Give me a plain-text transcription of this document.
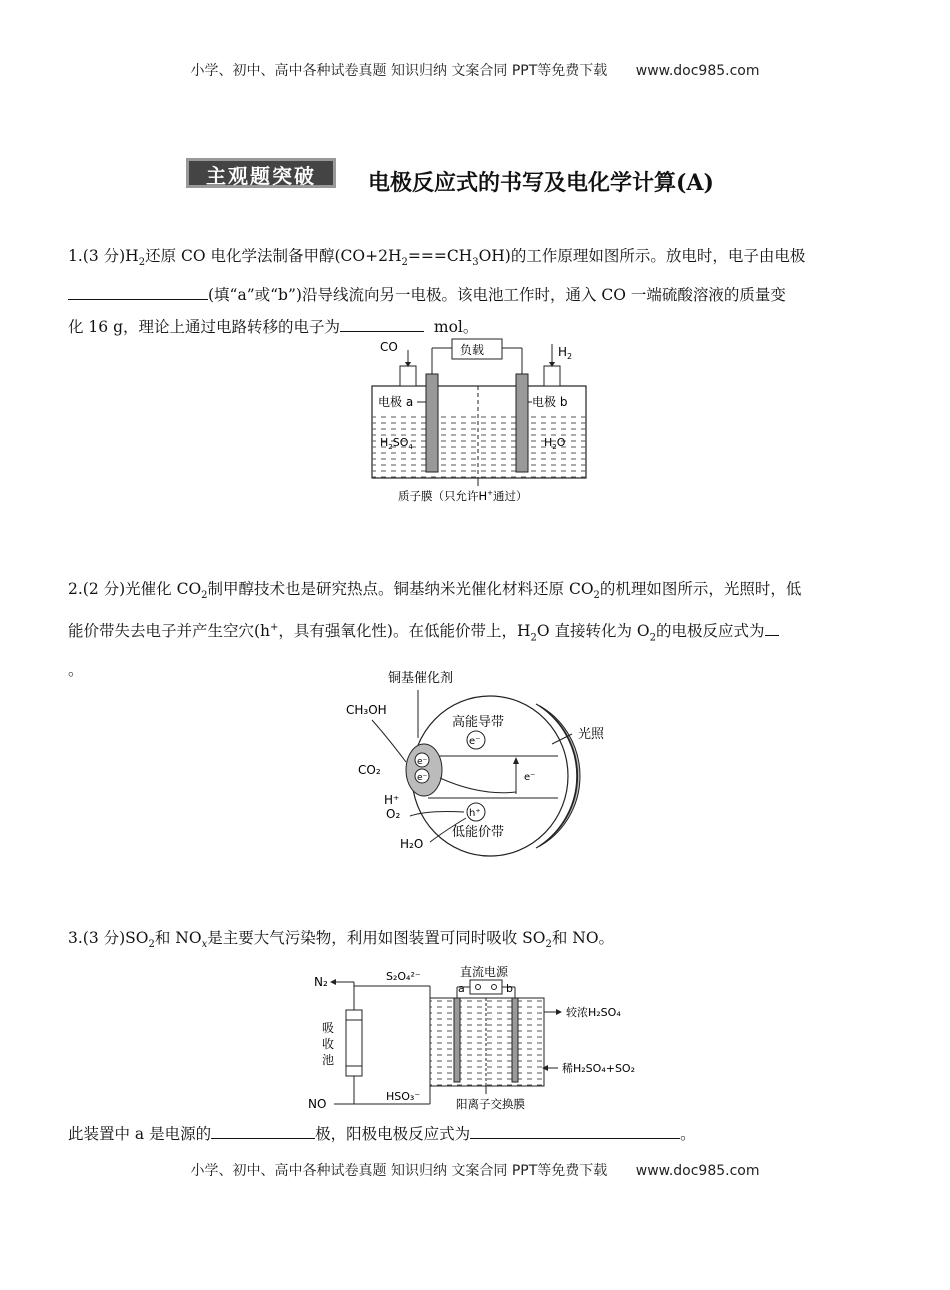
小学、初中、高中各种试卷真题 知识归纳 文案合同 PPT等免费下载 www.doc985.com
主观题突破	电极反应式的书写及电化学计算(A)
1.(3 分)$H_2$还原 CO 电化学法制备甲醇$(CO+2H_2===CH_3OH)$的工作原理如图所示。放电时，电子由电极
(填“a”或“b”)沿导线流向另一电极。该电池工作时，通入 CO 一端硫酸溶液的质量变
化 16 g，理论上通过电路转移的电子为	mol。
CO	$H_2$
负载
电极 a	电极 b
$H_2SO_4$	$H_2O$
质子膜（只允许H+通过）
2.(2 分)光催化 $CO_2$制甲醇技术也是研究热点。铜基纳米光催化材料还原 $CO_2$的机理如图所示，光照时，低
能价带失去电子并产生空穴(h+，具有强氧化性)。在低能价带上，$H_2O$ 直接转化为 $O_2$的电极反应式为
。	铜基催化剂
e⁻
e⁻
e⁻
h⁺
高能导带
低能价带
e⁻
光照
CH₃OH
CO₂
H⁺
O₂
H₂O
3.(3 分)$SO_2$和 $NO_x$是主要大气污染物，利用如图装置可同时吸收 $SO_2$和 NO。
N₂	S₂O₄²⁻
吸
收
池
NO
HSO₃⁻
直流电源
a	b
较浓H₂SO₄
稀H₂SO₄+SO₂
阳离子交换膜
此装置中 a 是电源的	极，阳极电极反应式为	。
小学、初中、高中各种试卷真题 知识归纳 文案合同 PPT等免费下载 www.doc985.com
